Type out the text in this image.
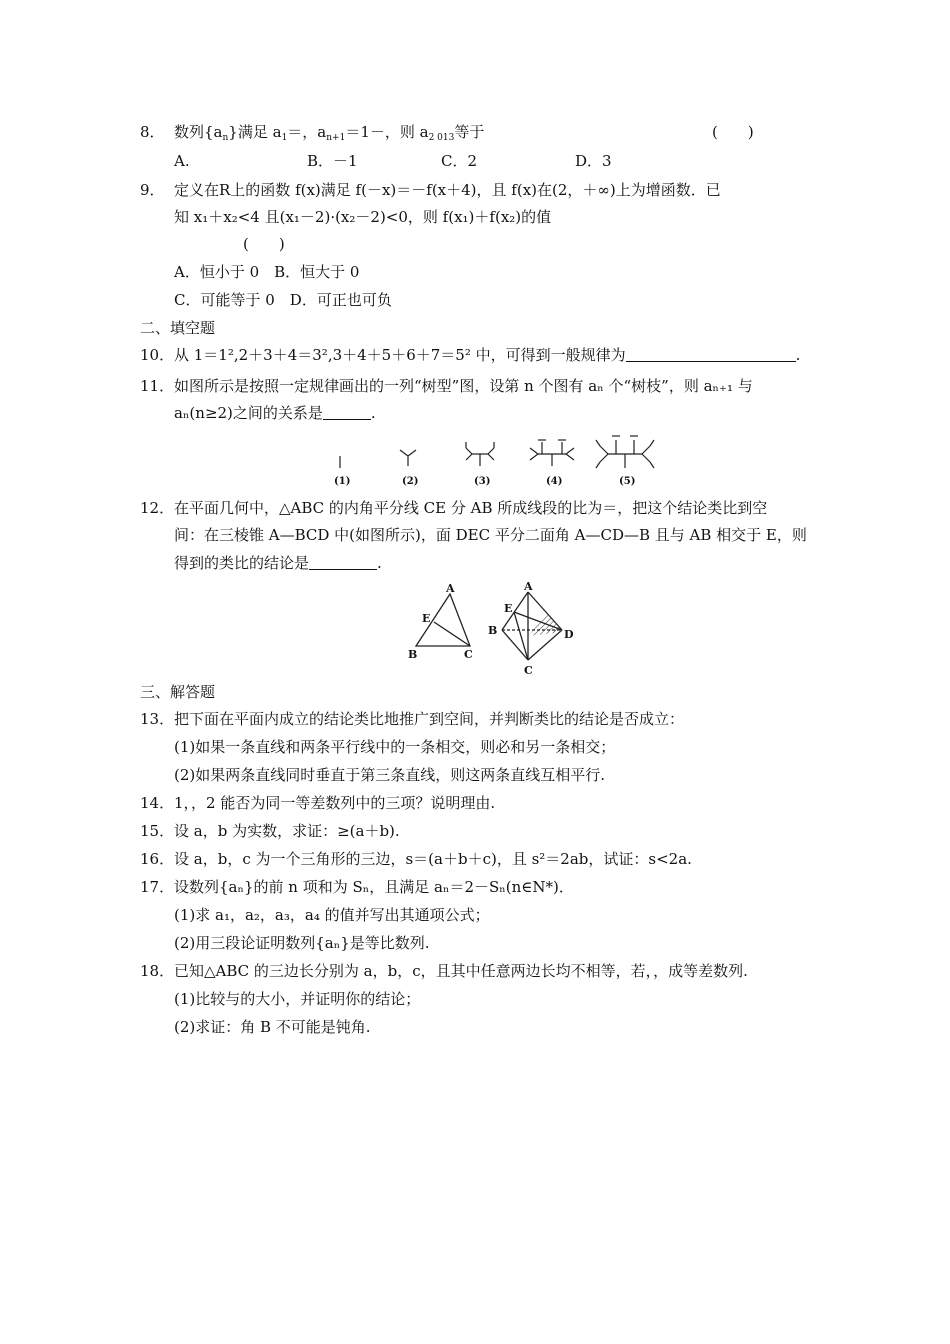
8． 数列$\{a_n\}$满足 $a_1=$，$a_{n+1}=1-$，则 $a_{2 013}$等于	(　　)
A.	B．－1	C．2	D．3
9． 定义在R上的函数 f(x)满足 f(－x)＝－f(x＋4)，且 f(x)在(2，＋∞)上为增函数．已
知 x₁＋x₂<4 且(x₁－2)·(x₂－2)<0，则 f(x₁)＋f(x₂)的值
(　　)
A．恒小于 0　B．恒大于 0
C．可能等于 0　D．可正也可负
二、填空题
10． 从 1＝1²,2＋3＋4＝3²,3＋4＋5＋6＋7＝5² 中，可得到一般规律为	.
11． 如图所示是按照一定规律画出的一列“树型”图，设第 n 个图有 aₙ 个“树枝”，则 aₙ₊₁ 与
aₙ(n≥2)之间的关系是	.
(1)	(2)	(3)	(4)	(5)
12． 在平面几何中，△ABC 的内角平分线 CE 分 AB 所成线段的比为＝，把这个结论类比到空
间：在三棱锥 A—BCD 中(如图所示)，面 DEC 平分二面角 A—CD—B 且与 AB 相交于 E，则
得到的类比的结论是	.
A
E
B	C
A
E
B	D
C
三、解答题
13． 把下面在平面内成立的结论类比地推广到空间，并判断类比的结论是否成立：
(1)如果一条直线和两条平行线中的一条相交，则必和另一条相交；
(2)如果两条直线同时垂直于第三条直线，则这两条直线互相平行.
14． 1，，2 能否为同一等差数列中的三项？说明理由.
15． 设 a，b 为实数，求证：≥(a＋b).
16． 设 a，b，c 为一个三角形的三边，s＝(a＋b＋c)，且 s²＝2ab，试证：s<2a.
17． 设数列{aₙ}的前 n 项和为 Sₙ，且满足 aₙ＝2－Sₙ(n∈N*)．
(1)求 a₁，a₂，a₃，a₄ 的值并写出其通项公式；
(2)用三段论证明数列{aₙ}是等比数列.
18． 已知△ABC 的三边长分别为 a，b，c，且其中任意两边长均不相等，若，，成等差数列.
(1)比较与的大小，并证明你的结论；
(2)求证：角 B 不可能是钝角.
